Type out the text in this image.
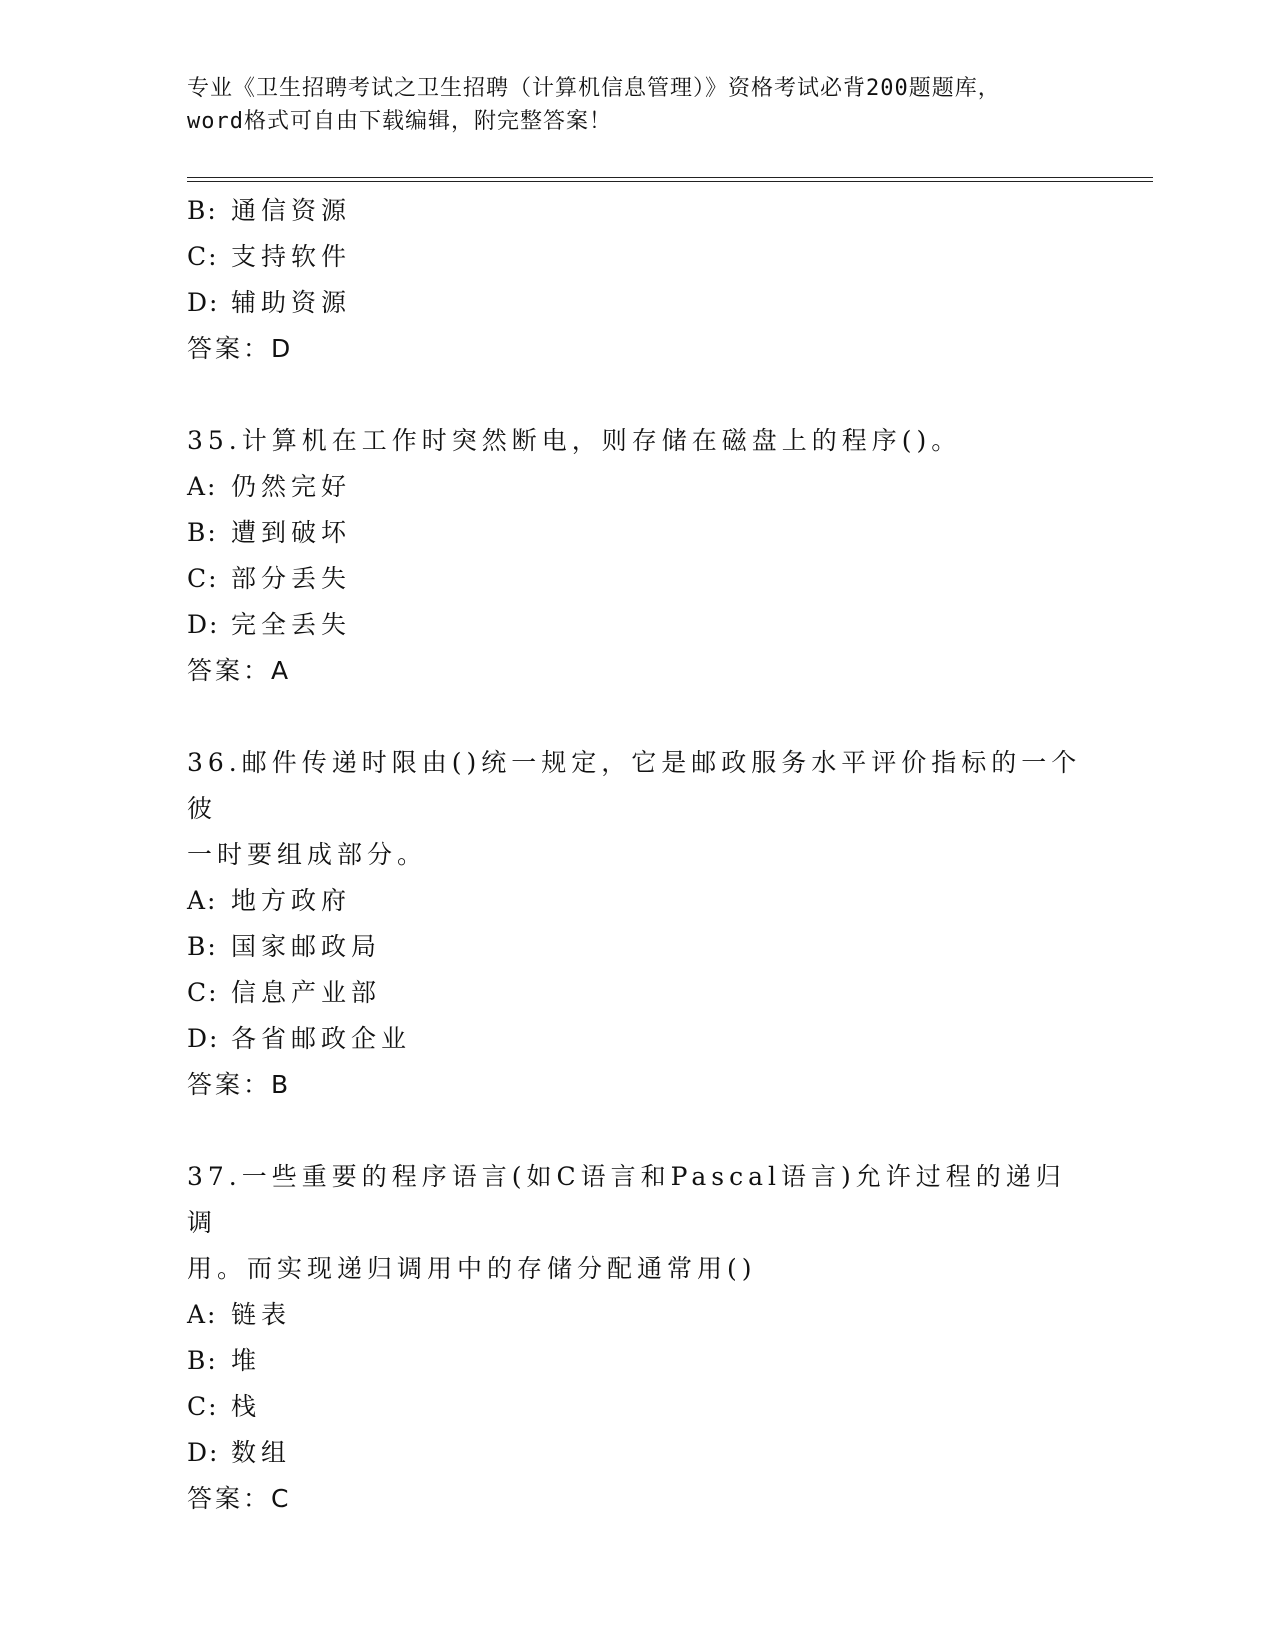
专业《卫生招聘考试之卫生招聘（计算机信息管理）》资格考试必背200题题库，
word格式可自由下载编辑，附完整答案！
B: 通信资源
C: 支持软件
D: 辅助资源
答案：D
35.计算机在工作时突然断电，则存储在磁盘上的程序()。
A: 仍然完好
B: 遭到破坏
C: 部分丢失
D: 完全丢失
答案：A
36.邮件传递时限由()统一规定，它是邮政服务水平评价指标的一个彼
一时要组成部分。
A: 地方政府
B: 国家邮政局
C: 信息产业部
D: 各省邮政企业
答案：B
37.一些重要的程序语言(如C语言和Pascal语言)允许过程的递归调
用。而实现递归调用中的存储分配通常用()
A: 链表
B: 堆
C: 栈
D: 数组
答案：C
